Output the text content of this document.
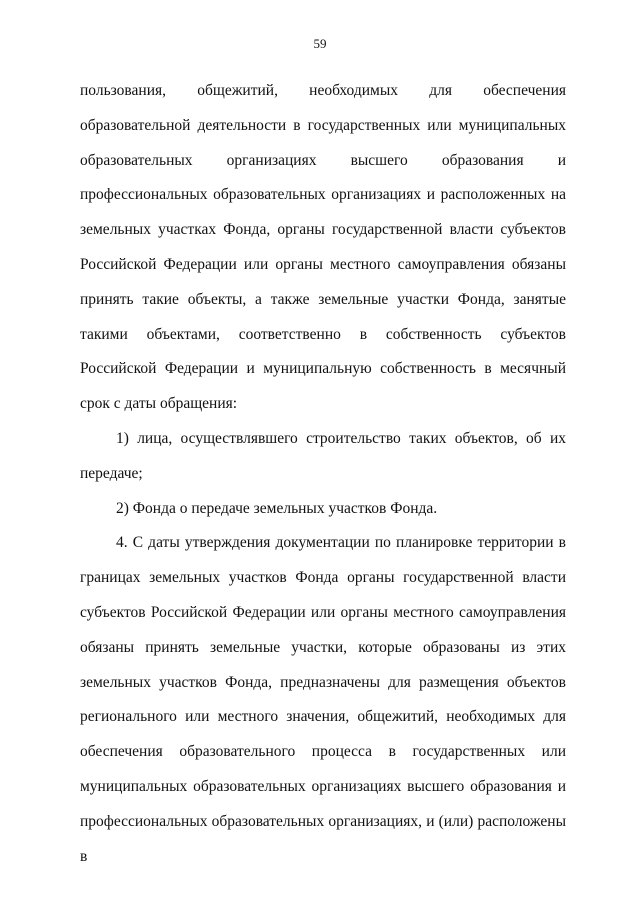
59

пользования, общежитий, необходимых для обеспечения образовательной деятельности в государственных или муниципальных образовательных организациях высшего образования и профессиональных образовательных организациях и расположенных на земельных участках Фонда, органы государственной власти субъектов Российской Федерации или органы местного самоуправления обязаны принять такие объекты, а также земельные участки Фонда, занятые такими объектами, соответственно в собственность субъектов Российской Федерации и муниципальную собственность в месячный срок с даты обращения:

1) лица, осуществлявшего строительство таких объектов, об их передаче;

2) Фонда о передаче земельных участков Фонда.

4. С даты утверждения документации по планировке территории в границах земельных участков Фонда органы государственной власти субъектов Российской Федерации или органы местного самоуправления обязаны принять земельные участки, которые образованы из этих земельных участков Фонда, предназначены для размещения объектов регионального или местного значения, общежитий, необходимых для обеспечения образовательного процесса в государственных или муниципальных образовательных организациях высшего образования и профессиональных образовательных организациях, и (или) расположены в
